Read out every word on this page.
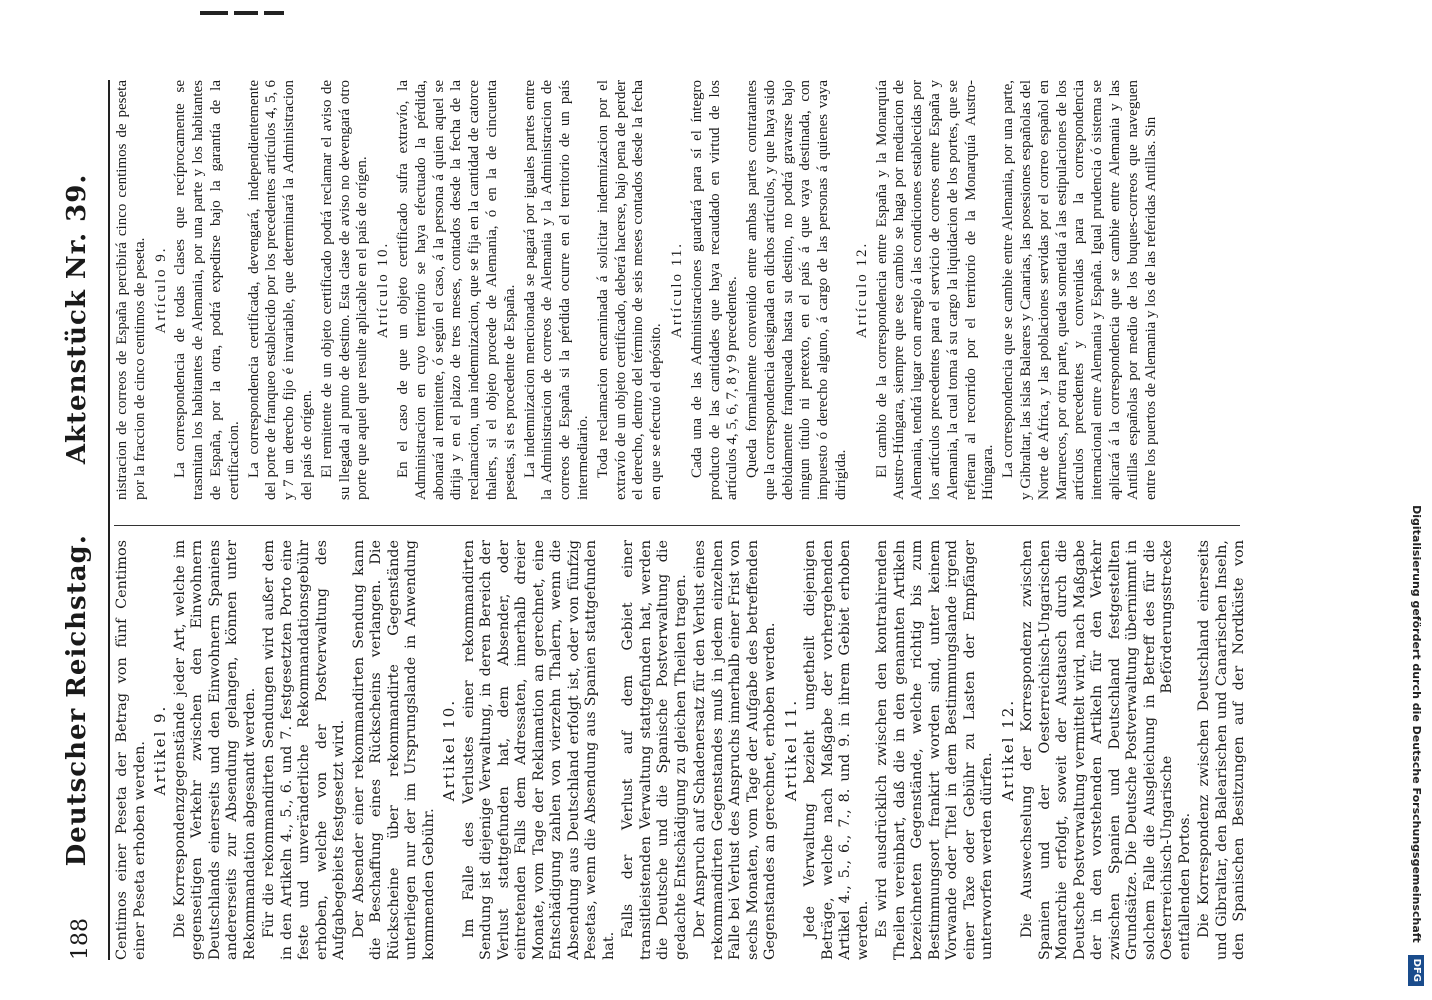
188
Deutscher Reichstag. Aktenstück Nr. 39.

Centimos einer Peseta der Betrag von fünf Centimos einer Peseta erhoben werden. Artikel 9. Die Korrespondenzgegenstände jeder Art, welche im gegenseitigen Verkehr zwischen den Einwohnern Deutschlands einerseits und den Einwohnern Spaniens andererseits zur Absendung gelangen, können unter Rekommandation abgesandt werden. Für die rekommandirten Sendungen wird außer dem in den Artikeln 4., 5., 6. und 7. festgesetzten Porto eine feste und unveränderliche Rekommandationsgebühr erhoben, welche von der Postverwaltung des Aufgabegebiets festgesetzt wird. Der Absender einer rekommandirten Sendung kann die Beschaffung eines Rückscheins verlangen. Die Rückscheine über rekommandirte Gegenstände unterliegen nur der im Ursprungslande in Anwendung kommenden Gebühr.

Artikel 10. Im Falle des Verlustes einer rekommandirten Sendung ist diejenige Verwaltung, in deren Bereich der Verlust stattgefunden hat, dem Absender, oder eintretenden Falls dem Adressaten, innerhalb dreier Monate, vom Tage der Reklamation an gerechnet, eine Entschädigung zahlen von vierzehn Thalern, wenn die Absendung aus Deutschland erfolgt ist, oder von fünfzig Pesetas, wenn die Absendung aus Spanien stattgefunden hat.

Falls der Verlust auf dem Gebiet einer transitleistenden Verwaltung stattgefunden hat, werden die Deutsche und die Spanische Postverwaltung die gedachte Entschädigung zu gleichen Theilen tragen. Der Anspruch auf Schadenersatz für den Verlust eines rekommandirten Gegenstandes muß in jedem einzelnen Falle bei Verlust des Anspruchs innerhalb einer Frist von sechs Monaten, vom Tage der Aufgabe des betreffenden Gegenstandes an gerechnet, erhoben werden. Artikel 11. Jede Verwaltung bezieht ungetheilt diejenigen Beträge, welche nach Maßgabe der vorhergehenden Artikel 4., 5., 6., 7., 8. und 9. in ihrem Gebiet erhoben werden. Es wird ausdrücklich zwischen den kontrahirenden Theilen vereinbart, daß die in den genannten Artikeln bezeichneten Gegenstände, welche richtig bis zum Bestimmungsort frankirt worden sind, unter keinem Vorwande oder Titel in dem Bestimmungslande irgend einer Taxe oder Gebühr zu Lasten der Empfänger unterworfen werden dürfen.

Artikel 12. Die Auswechselung der Korrespondenz zwischen Spanien und der Oesterreichisch-Ungarischen Monarchie erfolgt, soweit der Austausch durch die Deutsche Postverwaltung vermittelt wird, nach Maßgabe der in den vorstehenden Artikeln für den Verkehr zwischen Spanien und Deutschland festgestellten Grundsätze. Die Deutsche Postverwaltung übernimmt in solchem Falle die Ausgleichung in Betreff des für die Oesterreichisch-Ungarische Beförderungsstrecke entfallenden Portos. Die Korrespondenz zwischen Deutschland einerseits und Gibraltar, den Balearischen und Canarischen Inseln, den Spanischen Besitzungen auf der Nordküste von

nistracion de correos de España percibirá cinco centimos de peseta por la fraccion de cinco centimos de peseta. Artículo 9. La correspondencia de todas clases que recíprocamente se trasmitan los habitantes de Alemania, por una parte y los habitantes de España, por la otra, podrá expedirse bajo la garantía de la certificacion. La correspondencia certificada, devengará, independientemente del porte de franqueo establecido por los precedentes artículos 4, 5, 6 y 7 un derecho fijo é invariable, que determinará la Administracion del país de orígen. El remitente de un objeto certificado podrá reclamar el aviso de su llegada al punto de destino. Esta clase de aviso no devengará otro porte que aquel que resulte aplicable en el país de orígen. Artículo 10. En el caso de que un objeto certificado sufra extravío, la Administracion en cuyo territorio se haya efectuado la pérdida, abonará al remitente, ó según el caso, á la persona á quien aquel se dirija y en el plazo de tres meses, contados desde la fecha de la reclamacion, una indemnizacion, que se fija en la cantidad de catorce thalers, si el objeto procede de Alemania, ó en la de cincuenta pesetas, si es procedente de España. La indemnizacion mencionada se pagará por iguales partes entre la Administracion de correos de Alemania y la Administracion de correos de España si la pérdida ocurre en el territorio de un país intermediario. Toda reclamacion encaminada á solicitar indemnizacion por el extravío de un objeto certificado, deberá hacerse, bajo pena de perder el derecho, dentro del término de seis meses contados desde la fecha en que se efectuó el depósito.

Artículo 11. Cada una de las Administraciones guardará para sí el íntegro producto de las cantidades que haya recaudado en virtud de los artículos 4, 5, 6, 7, 8 y 9 precedentes. Queda formalmente convenido entre ambas partes contratantes que la correspondencia designada en dichos artículos, y que haya sido debidamente franqueada hasta su destino, no podrá gravarse bajo ningun título ni pretexto, en el país á que vaya destinada, con impuesto ó derecho alguno, á cargo de las personas á quienes vaya dirigida.

Artículo 12. El cambio de la correspondencia entre España y la Monarquía Austro-Húngara, siempre que ese cambio se haga por mediacion de Alemania, tendrá lugar con arreglo á las condiciones establecidas por los artículos precedentes para el servicio de correos entre España y Alemania, la cual toma á su cargo la liquidacion de los portes, que se refieran al recorrido por el territorio de la Monarquía Austro-Húngara. La correspondencia que se cambie entre Alemania, por una parte, y Gibraltar, las islas Baleares y Canarias, las posesiones españolas del Norte de Africa, y las poblaciones servidas por el correo español en Marruecos, por otra parte, queda sometida á las estipulaciones de los artículos precedentes y convenidas para la correspondencia internacional entre Alemania y España. Igual prudencia ó sistema se aplicará á la correspondencia que se cambie entre Alemania y las Antillas españolas por medio de los buques-correos que naveguen entre los puertos de Alemania y los de las referidas Antillas. Sin

Digitalisierung gefördert durch die Deutsche Forschungsgemeinschaft DFG
